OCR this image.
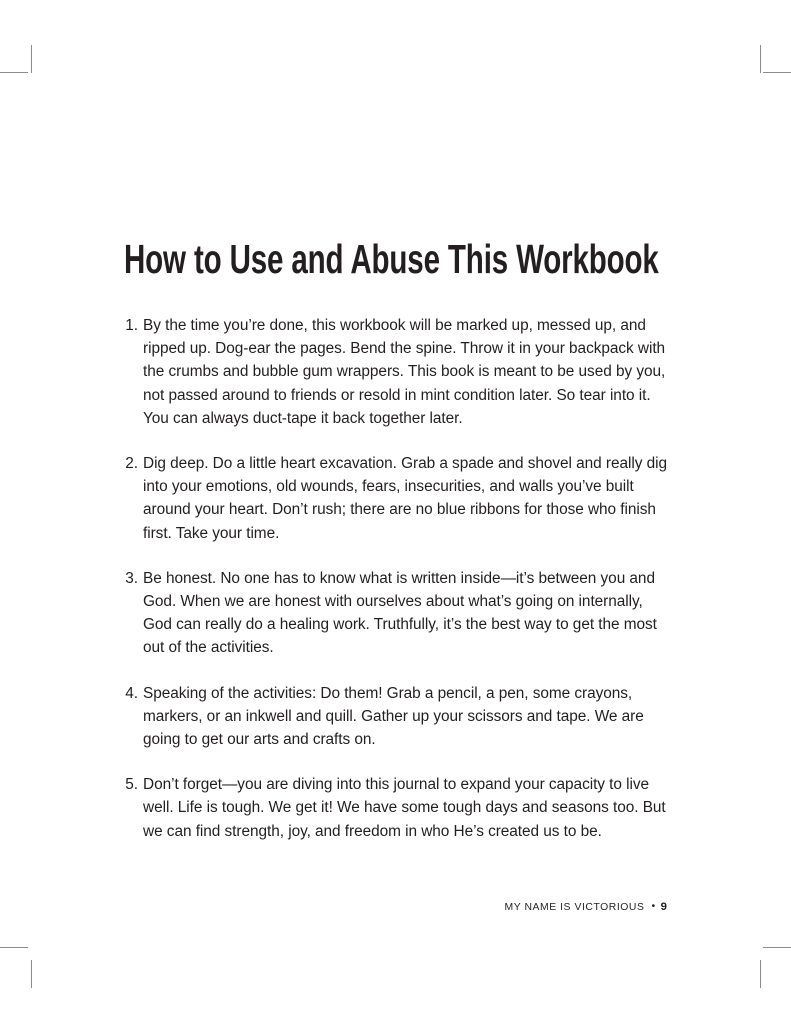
How to Use and Abuse This Workbook
1. By the time you’re done, this workbook will be marked up, messed up, and ripped up. Dog-ear the pages. Bend the spine. Throw it in your backpack with the crumbs and bubble gum wrappers. This book is meant to be used by you, not passed around to friends or resold in mint condition later. So tear into it. You can always duct-tape it back together later.
2. Dig deep. Do a little heart excavation. Grab a spade and shovel and really dig into your emotions, old wounds, fears, insecurities, and walls you’ve built around your heart. Don’t rush; there are no blue ribbons for those who finish first. Take your time.
3. Be honest. No one has to know what is written inside—it’s between you and God. When we are honest with ourselves about what’s going on internally, God can really do a healing work. Truthfully, it’s the best way to get the most out of the activities.
4. Speaking of the activities: Do them! Grab a pencil, a pen, some crayons, markers, or an inkwell and quill. Gather up your scissors and tape. We are going to get our arts and crafts on.
5. Don’t forget—you are diving into this journal to expand your capacity to live well. Life is tough. We get it! We have some tough days and seasons too. But we can find strength, joy, and freedom in who He’s created us to be.
MY NAME IS VICTORIOUS • 9
